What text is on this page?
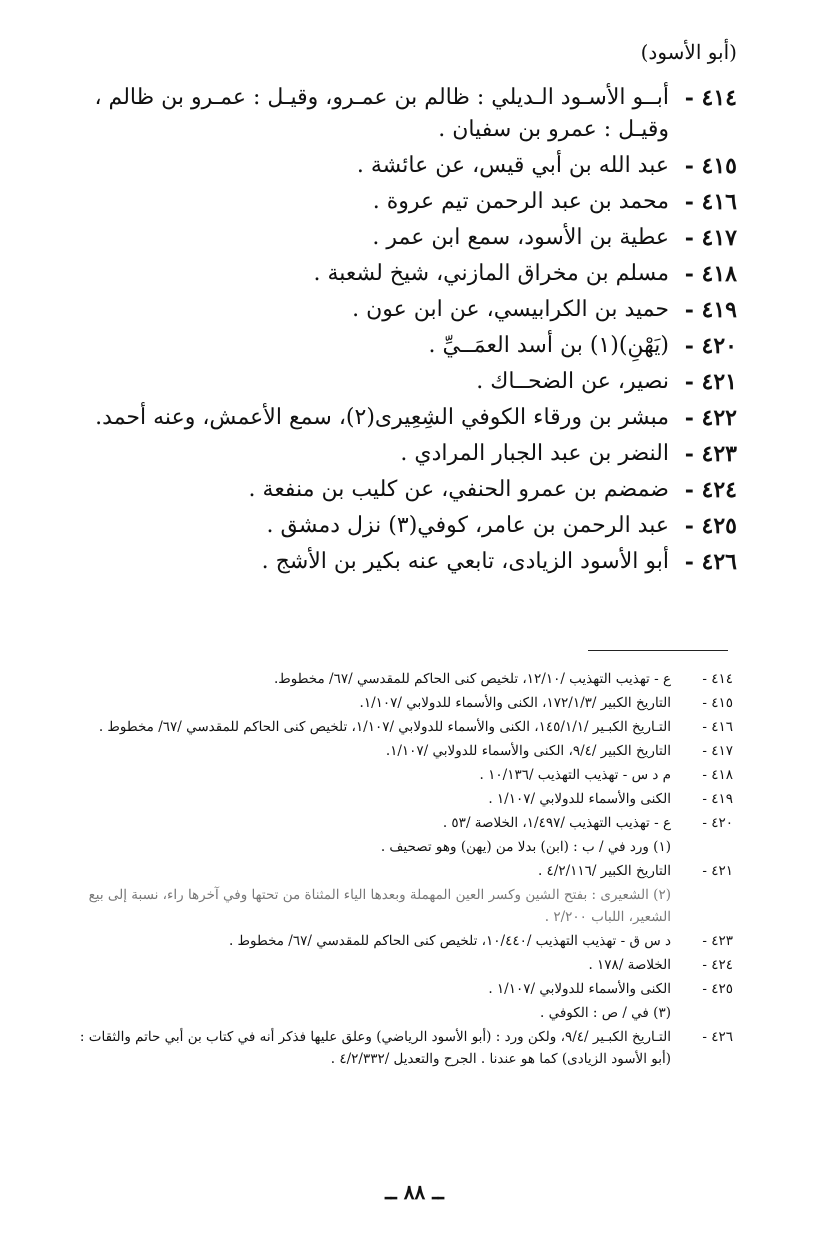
(أبو الأسود)
٤١٤ -
أبــو الأسـود الـديلي : ظالم بن عمـرو، وقيـل : عمـرو بن ظالم ، وقيـل : عمرو بن سفيان .
٤١٥ -
عبد الله بن أبي قيس، عن عائشة .
٤١٦ -
محمد بن عبد الرحمن تيم عروة .
٤١٧ -
عطية بن الأسود، سمع ابن عمر .
٤١٨ -
مسلم بن مخراق المازني، شيخ لشعبة .
٤١٩ -
حميد بن الكرابيسي، عن ابن عون .
٤٢٠ -
(يَهْنِ)(١) بن أسد العمَــيِّ .
٤٢١ -
نصير، عن الضحــاك .
٤٢٢ -
مبشر بن ورقاء الكوفي الشِعِيرى(٢)، سمع الأعمش، وعنه أحمد.
٤٢٣ -
النضر بن عبد الجبار المرادي .
٤٢٤ -
ضمضم بن عمرو الحنفي، عن كليب بن منفعة .
٤٢٥ -
عبد الرحمن بن عامر، كوفي(٣) نزل دمشق .
٤٢٦ -
أبو الأسود الزيادى، تابعي عنه بكير بن الأشج .
٤١٤ -
ع - تهذيب التهذيب /١٢/١٠، تلخيص كنى الحاكم للمقدسي /٦٧/ مخطوط.
٤١٥ -
التاريخ الكبير /١٧٢/١/٣، الكنى والأسماء للدولابي /١/١٠٧.
٤١٦ -
التـاريخ الكبـير /١٤٥/١/١، الكنى والأسماء للدولابي /١/١٠٧، تلخيص كنى الحاكم للمقدسي /٦٧/ مخطوط .
٤١٧ -
التاريخ الكبير /٩/٤، الكنى والأسماء للدولابي /١/١٠٧.
٤١٨ -
م د س - تهذيب التهذيب /١٠/١٣٦ .
٤١٩ -
الكنى والأسماء للدولابي /١/١٠٧ .
٤٢٠ -
ع - تهذيب التهذيب /١/٤٩٧، الخلاصة /٥٣ .
(١) ورد في / ب : (ابن) بدلا من (يهن) وهو تصحيف .
٤٢١ -
التاريخ الكبير /٤/٢/١١٦ .
(٢) الشعيرى : بفتح الشين وكسر العين المهملة وبعدها الياء المثناة من تحتها وفي آخرها راء، نسبة إلى بيع الشعير، اللباب ٢/٢٠٠ .
٤٢٣ -
د س ق - تهذيب التهذيب /١٠/٤٤٠، تلخيص كنى الحاكم للمقدسي /٦٧/ مخطوط .
٤٢٤ -
الخلاصة /١٧٨ .
٤٢٥ -
الكنى والأسماء للدولابي /١/١٠٧ .
(٣) في / ص : الكوفي .
٤٢٦ -
التـاريخ الكبـير /٩/٤، ولكن ورد : (أبو الأسود الرياضي) وعلق عليها فذكر أنه في كتاب بن أبي حاتم والثقات : (أبو الأسود الزيادى) كما هو عندنا . الجرح والتعديل /٤/٢/٣٣٢ .
ــ ٨٨ ــ
